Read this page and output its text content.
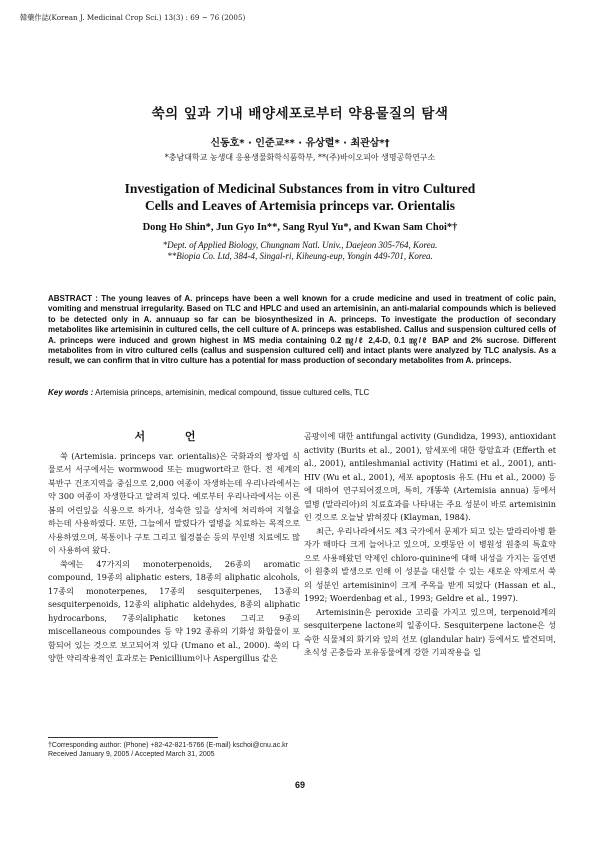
韓藥作誌(Korean J. Medicinal Crop Sci.) 13(3) : 69 ~ 76 (2005)
쑥의 잎과 기내 배양세포로부터 약용물질의 탐색
신동호* · 인준교** · 유상렬* · 최관삼*†
*충남대학교 농생대 응용생물화학식품학부, **(주)바이오피아 생명공학연구소
Investigation of Medicinal Substances from in vitro Cultured
Cells and Leaves of Artemisia princeps var. Orientalis
Dong Ho Shin*, Jun Gyo In**, Sang Ryul Yu*, and Kwan Sam Choi*†
*Dept. of Applied Biology, Chungnam Natl. Univ., Daejeon 305-764, Korea.
**Biopia Co. Ltd, 384-4, Singal-ri, Kiheung-eup, Yongin 449-701, Korea.
ABSTRACT : The young leaves of A. princeps have been a well known for a crude medicine and used in treatment of colic pain, vomiting and menstrual irregularity. Based on TLC and HPLC and used an artemisinin, an anti-malarial compounds which is believed to be detected only in A. annuaup so far can be biosynthesized in A. princeps. To investigate the production of secondary metabolites like artemisinin in cultured cells, the cell culture of A. princeps was established. Callus and suspension cultured cells of A. princeps were induced and grown highest in MS media containing 0.2 ㎎/ℓ 2,4-D, 0.1 ㎎/ℓ BAP and 2% sucrose. Different metabolites from in vitro cultured cells (callus and suspension cultured cell) and intact plants were analyzed by TLC analysis. As a result, we can confirm that in vitro culture has a potential for mass production of secondary metabolites from A. princeps.
Key words : Artemisia princeps, artemisinin, medical compound, tissue cultured cells, TLC
서 언

쑥 (Artemisia. princeps var. orientalis)은 국화과의 쌍자엽 식물로서 서구에서는 wormwood 또는 mugwort라고 한다. 전 세계의 북반구 건조지역을 중심으로 2,000 여종이 자생하는데 우리나라에서는 약 300 여종이 자생한다고 알려져 있다. 예로부터 우리나라에서는 이른 봄의 어린잎을 식용으로 하거나, 성숙한 잎을 상처에 처리하여 지혈을 하는데 사용하였다. 또한, 그늘에서 말렸다가 열병을 치료하는 목적으로 사용하였으며, 복통이나 구토 그리고 월경불순 등의 부인병 치료에도 많이 사용하여 왔다.

쑥에는 47가지의 monoterpenoids, 26종의 aromatic compound, 19종의 aliphatic esters, 18종의 aliphatic alcohols, 17종의 monoterpenes, 17종의 sesquiterpenes, 13종의 sesquiterpenoids, 12종의 aliphatic aldehydes, 8종의 aliphatic hydrocarbons, 7종의aliphatic ketones 그리고 9종의 miscellaneous compoundes 등 약 192 종류의 기화성 화합물이 포함되어 있는 것으로 보고되어져 있다 (Umano et al., 2000). 쑥의 다양한 약리작용적인 효과로는 Penicillium이나 Aspergillus 같은

곰팡이에 대한 antifungal activity (Gundidza, 1993), antioxidant activity (Burits et al., 2001), 암세포에 대한 항암효과 (Efferth et al., 2001), antileshmanial activity (Hatimi et al., 2001), anti-HIV (Wu et al., 2001), 세포 apoptosis 유도 (Hu et al., 2000) 등에 대하여 연구되어졌으며, 특히, 개똥쑥 (Artemisia annua) 등에서 열병 (말라리아)의 치료효과를 나타내는 주요 성분이 바로 artemisinin인 것으로 오늘날 밝혀졌다 (Klayman, 1984).

최근, 우리나라에서도 제3 국가에서 문제가 되고 있는 말라리아병 환자가 해마다 크게 늘어나고 있으며, 오랫동안 이 병원성 원충의 특효약으로 사용해왔던 약제인 chloro-quinine에 대해 내성을 가지는 돌연변이 원충의 발생으로 인해 이 성분을 대신할 수 있는 새로운 약제로서 쑥의 성분인 artemisinin이 크게 주목을 받게 되었다 (Hassan et al., 1992; Woerdenbag et al., 1993; Geldre et al., 1997).

Artemisinin은 peroxide 고리를 가지고 있으며, terpenoid계의 sesquiterpene lactone의 일종이다. Sesquiterpene lactone은 성숙한 식물체의 화기와 잎의 선모 (glandular hair) 등에서도 발견되며, 초식성 곤충들과 포유동물에게 강한 기피작용을 일

†Corresponding author: (Phone) +82-42-821-5766 (E-mail) kschoi@cnu.ac.kr
Received January 9, 2005 / Accepted March 31, 2005
69
